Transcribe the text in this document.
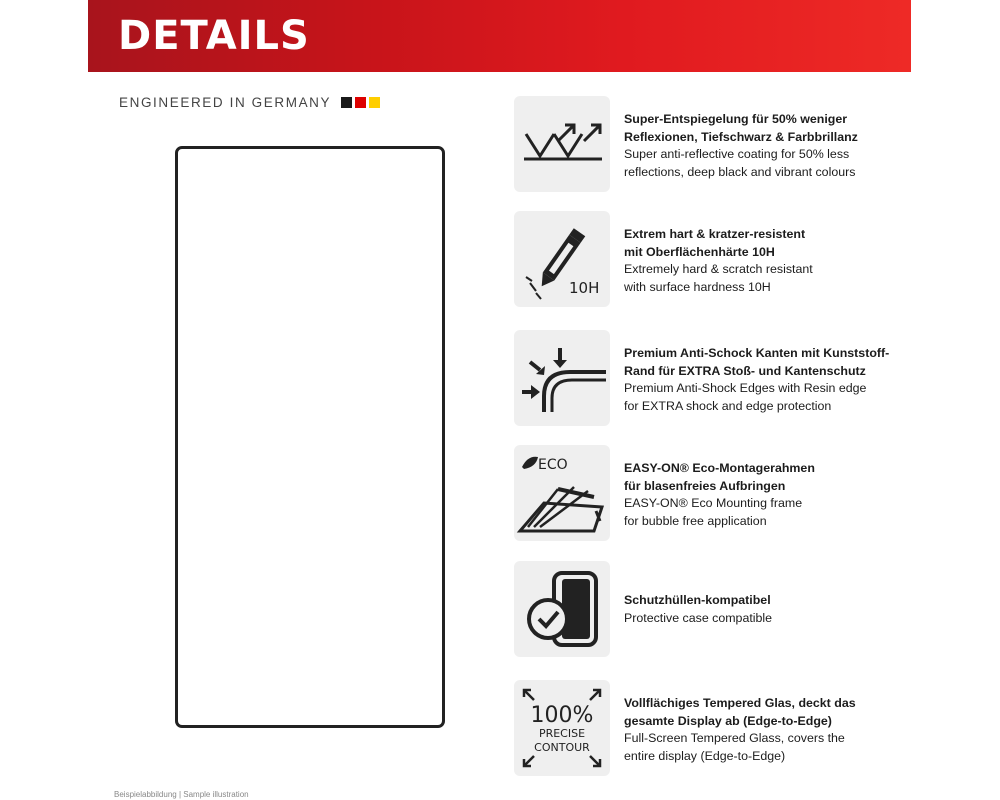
DETAILS
ENGINEERED IN GERMANY
Beispielabbildung | Sample illustration
Super-Entspiegelung für 50% weniger
Reflexionen, Tiefschwarz & Farbbrillanz
Super anti-reflective coating for 50% less
reflections, deep black and vibrant colours
10H
Extrem hart & kratzer-resistent
mit Oberflächenhärte 10H
Extremely hard & scratch resistant
with surface hardness 10H
Premium Anti-Schock Kanten mit Kunststoff-
Rand für EXTRA Stoß- und Kantenschutz
Premium Anti-Shock Edges with Resin edge
for EXTRA shock and edge protection
ECO	EASY-ON® Eco-Montagerahmen
für blasenfreies Aufbringen
EASY-ON® Eco Mounting frame
for bubble free application
Schutzhüllen-kompatibel
Protective case compatible
100%
PRECISE
CONTOUR
Vollflächiges Tempered Glas, deckt das
gesamte Display ab (Edge-to-Edge)
Full-Screen Tempered Glass, covers the
entire display (Edge-to-Edge)
